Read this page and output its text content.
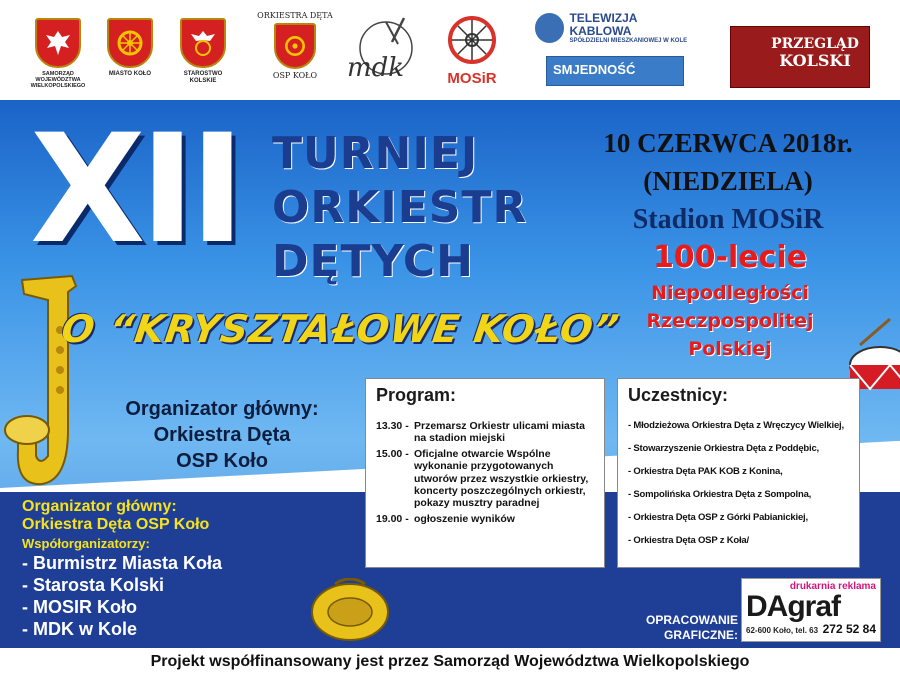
SAMORZĄD WOJEWÓDZTWA WIELKOPOLSKIEGO
MIASTO KOŁO	STAROSTWO KOLSKIE
ORKIESTRA DĘTA
OSP KOŁO	mdk	MOSiR
TELEWIZJA KABLOWA
SPÓŁDZIELNI MIESZKANIOWEJ W KOLE
SMJEDNOŚĆ
PRZEGLĄD
KOLSKI
XII TURNIEJ
ORKIESTR
DĘTYCH
O “KRYSZTAŁOWE KOŁO”
10 CZERWCA 2018r.
(NIEDZIELA)
Stadion MOSiR
100-lecie
Niepodległości
Rzeczpospolitej
Polskiej
Organizator główny:
Orkiestra Dęta
OSP Koło
Program:
13.30 - Przemarsz Orkiestr ulicami miasta na stadion miejski
15.00 - Oficjalne otwarcie Wspólne wykonanie przygotowanych utworów przez wszystkie orkiestry, koncerty poszczególnych orkiestr, pokazy musztry paradnej
19.00 - ogłoszenie wyników
Uczestnicy:
- Młodzieżowa Orkiestra Dęta z Wręczycy Wielkiej,
- Stowarzyszenie Orkiestra Dęta z Poddębic,
- Orkiestra Dęta PAK KOB z Konina,
- Sompolińska Orkiestra Dęta z Sompolna,
- Orkiestra Dęta OSP z Górki Pabianickiej,
- Orkiestra Dęta OSP z Koła/
Organizator główny:
Orkiestra Dęta OSP Koło
Współorganizatorzy:
- Burmistrz Miasta Koła
- Starosta Kolski
- MOSIR Koło
- MDK w Kole	OPRACOWANIE
GRAFICZNE:
drukarnia reklama
DAgraf
62-600 Koło, tel. 63 272 52 84
Projekt współfinansowany jest przez Samorząd Województwa Wielkopolskiego
